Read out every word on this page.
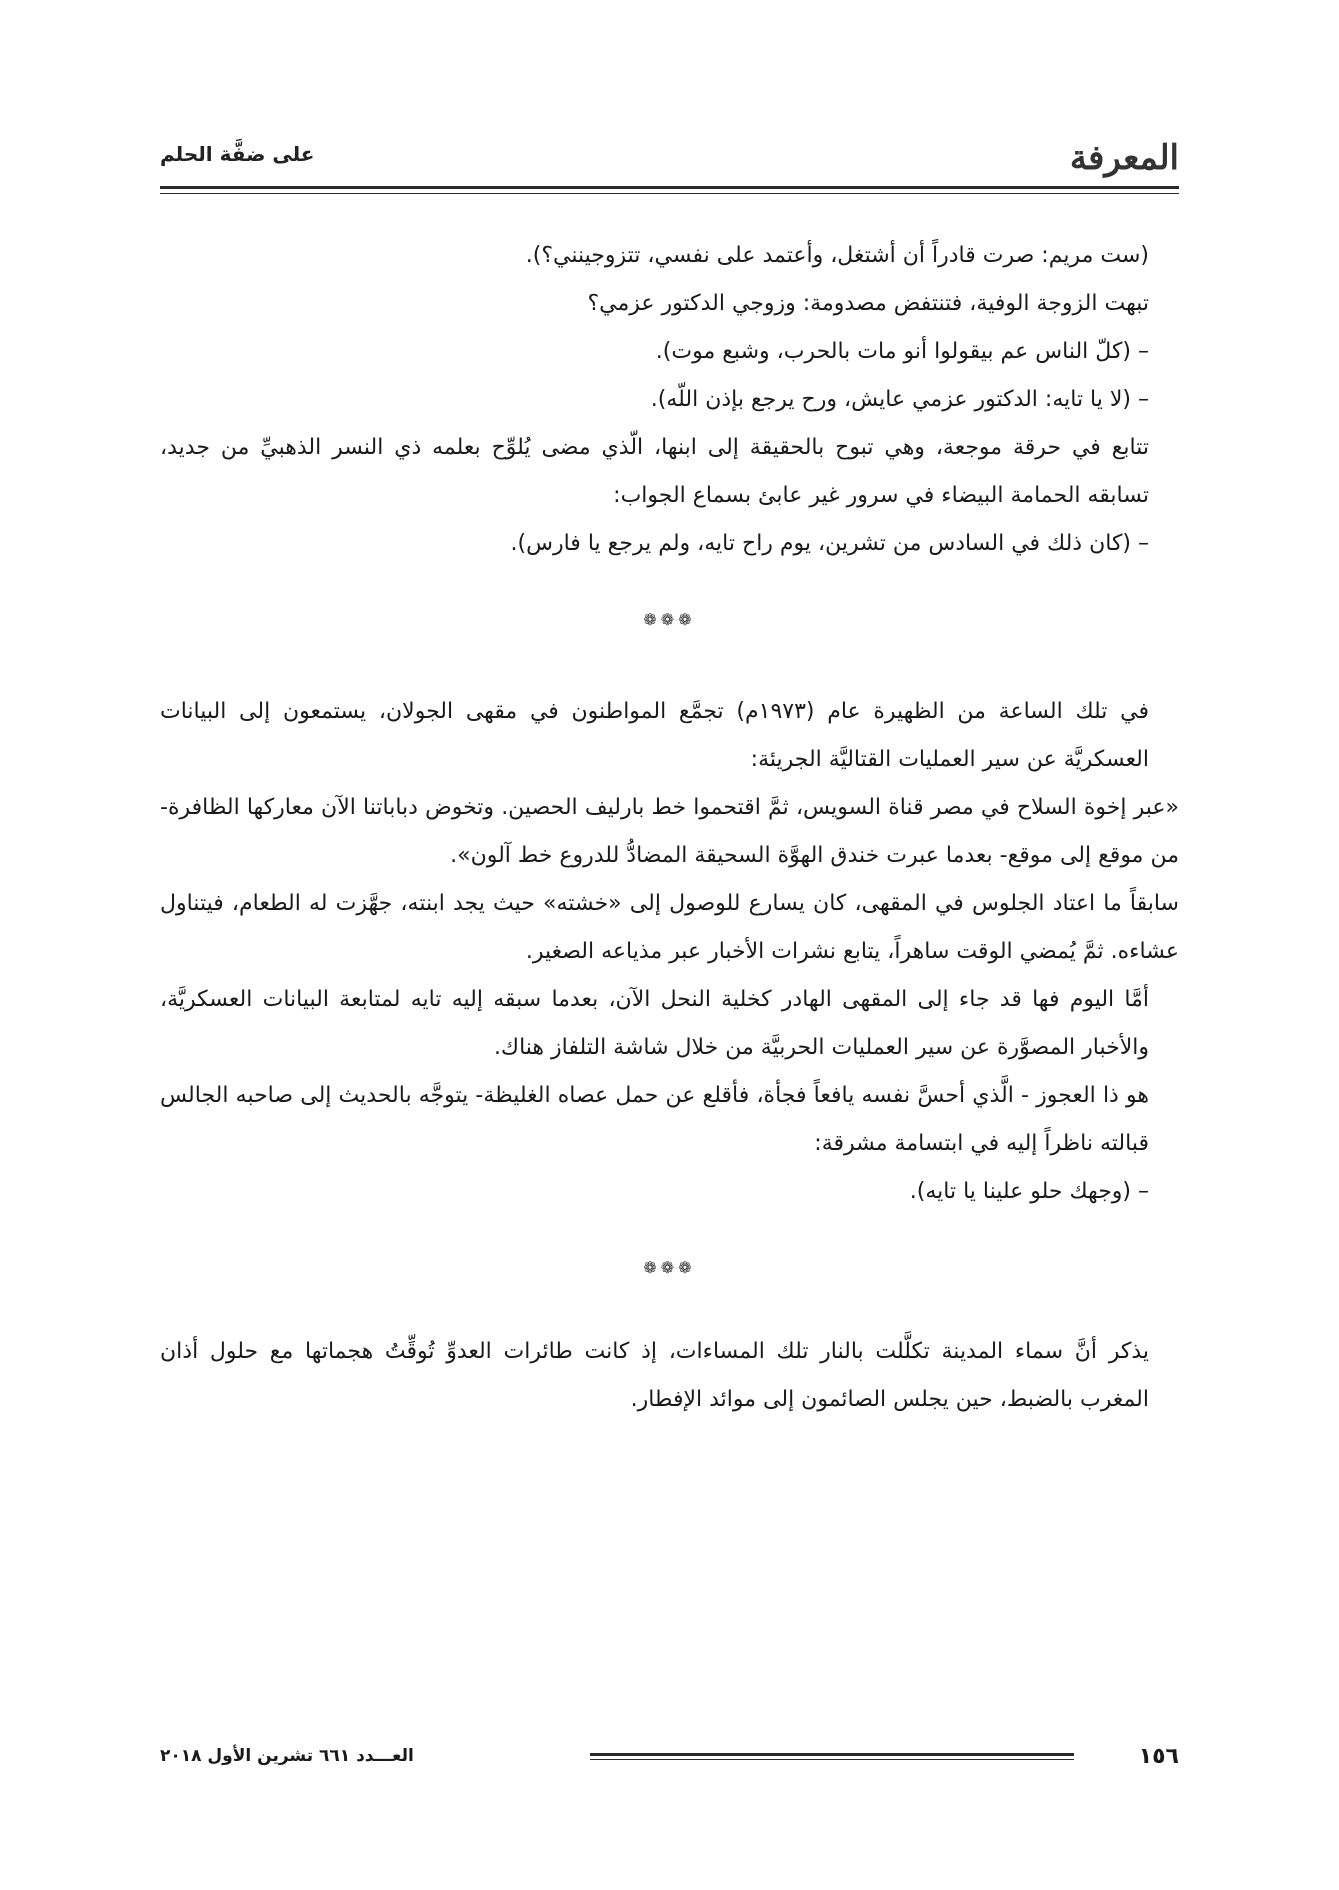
المعرفة
على ضفَّة الحلم

(ست مريم: صرت قادراً أن أشتغل، وأعتمد على نفسي، تتزوجينني؟).

تبهت الزوجة الوفية، فتنتفض مصدومة: وزوجي الدكتور عزمي؟

– (كلّ الناس عم بيقولوا أنو مات بالحرب، وشبع موت).

– (لا يا تايه: الدكتور عزمي عايش، ورح يرجع بإذن اللّه).

تتابع في حرقة موجعة، وهي تبوح بالحقيقة إلى ابنها، الّذي مضى يُلوِّح بعلمه ذي النسر الذهبيِّ من جديد، تسابقه الحمامة البيضاء في سرور غير عابئ بسماع الجواب:

– (كان ذلك في السادس من تشرين، يوم راح تايه، ولم يرجع يا فارس).

❁❁❁

في تلك الساعة من الظهيرة عام (١٩٧٣م) تجمَّع المواطنون في مقهى الجولان، يستمعون إلى البيانات العسكريَّة عن سير العمليات القتاليَّة الجريئة:

«عبر إخوة السلاح في مصر قناة السويس، ثمَّ اقتحموا خط بارليف الحصين. وتخوض دباباتنا الآن معاركها الظافرة- من موقع إلى موقع- بعدما عبرت خندق الهوَّة السحيقة المضادُّ للدروع خط آلون».

سابقاً ما اعتاد الجلوس في المقهى، كان يسارع للوصول إلى «خشته» حيث يجد ابنته، جهَّزت له الطعام، فيتناول عشاءه. ثمَّ يُمضي الوقت ساهراً، يتابع نشرات الأخبار عبر مذياعه الصغير.

أمَّا اليوم فها قد جاء إلى المقهى الهادر كخلية النحل الآن، بعدما سبقه إليه تايه لمتابعة البيانات العسكريَّة، والأخبار المصوَّرة عن سير العمليات الحربيَّة من خلال شاشة التلفاز هناك.

هو ذا العجوز - الَّذي أحسَّ نفسه يافعاً فجأة، فأقلع عن حمل عصاه الغليظة- يتوجَّه بالحديث إلى صاحبه الجالس قبالته ناظراً إليه في ابتسامة مشرقة:

– (وجهك حلو علينا يا تايه).

❁❁❁

يذكر أنَّ سماء المدينة تكلَّلت بالنار تلك المساءات، إذ كانت طائرات العدوِّ تُوقِّتُ هجماتها مع حلول أذان المغرب بالضبط، حين يجلس الصائمون إلى موائد الإفطار.

١٥٦
العـــدد ٦٦١ تشرين الأول ٢٠١٨
